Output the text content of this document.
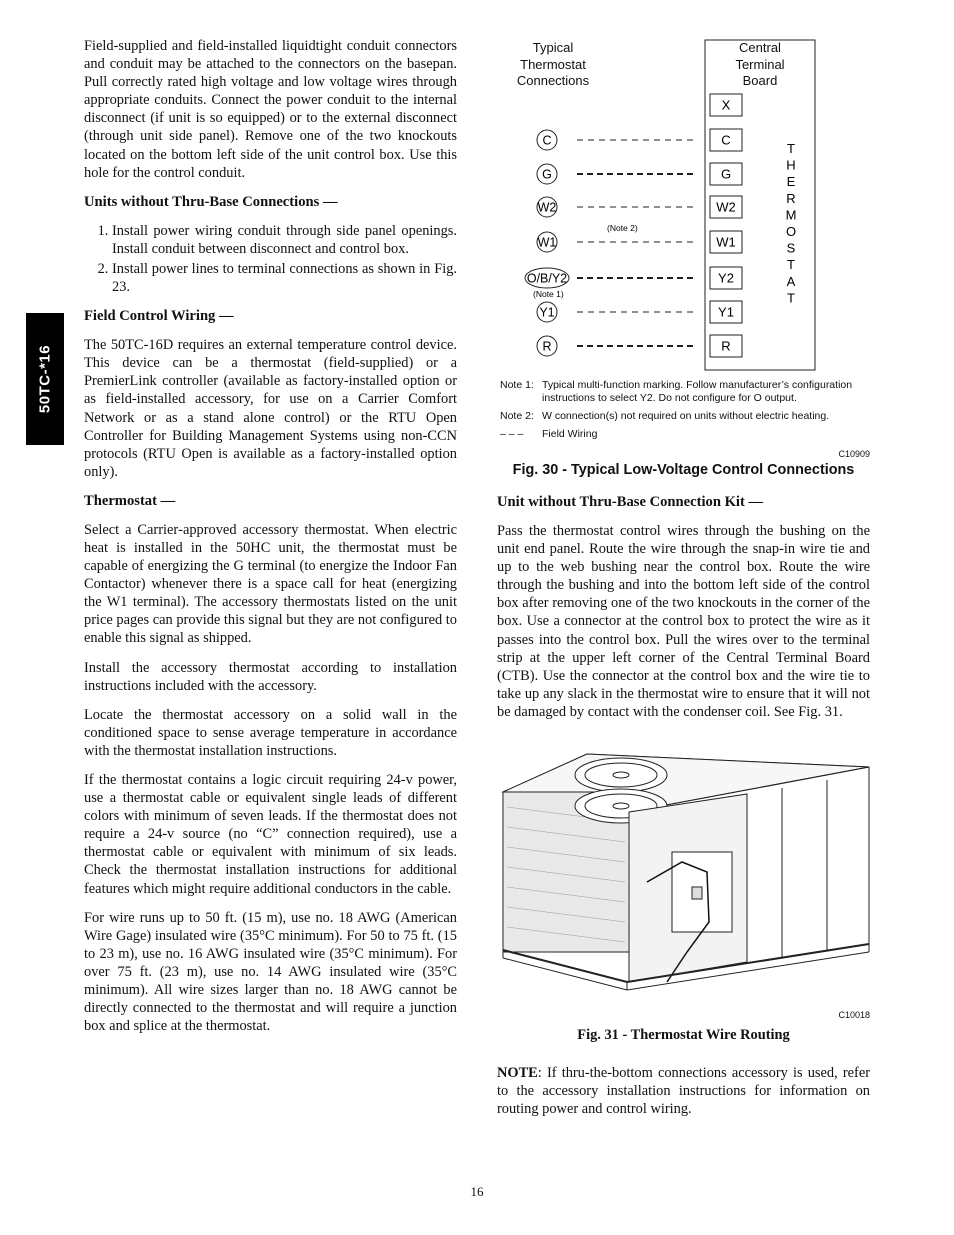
50TC-*16

Field‑supplied and field‑installed liquidtight conduit connectors and conduit may be attached to the connectors on the basepan. Pull correctly rated high voltage and low voltage wires through appropriate conduits. Connect the power conduit to the internal disconnect (if unit is so equipped) or to the external disconnect (through unit side panel). Remove one of the two knockouts located on the bottom left side of the unit control box. Use this hole for the control conduit.

Units without Thru‑Base Connections —
1. Install power wiring conduit through side panel openings. Install conduit between disconnect and control box.
2. Install power lines to terminal connections as shown in Fig. 23.
Field Control Wiring —

The 50TC‑16D requires an external temperature control device. This device can be a thermostat (field‑supplied) or a PremierLink controller (available as factory‑installed option or as field‑installed accessory, for use on a Carrier Comfort Network or as a stand alone control) or the RTU Open Controller for Building Management Systems using non‑CCN protocols (RTU Open is available as a factory‑installed option only).

Thermostat —

Select a Carrier‑approved accessory thermostat. When electric heat is installed in the 50HC unit, the thermostat must be capable of energizing the G terminal (to energize the Indoor Fan Contactor) whenever there is a space call for heat (energizing the W1 terminal). The accessory thermostats listed on the unit price pages can provide this signal but they are not configured to enable this signal as shipped.

Install the accessory thermostat according to installation instructions included with the accessory.

Locate the thermostat accessory on a solid wall in the conditioned space to sense average temperature in accordance with the thermostat installation instructions.

If the thermostat contains a logic circuit requiring 24‑v power, use a thermostat cable or equivalent single leads of different colors with minimum of seven leads. If the thermostat does not require a 24‑v source (no “C” connection required), use a thermostat cable or equivalent with minimum of six leads. Check the thermostat installation instructions for additional features which might require additional conductors in the cable.

For wire runs up to 50 ft. (15 m), use no. 18 AWG (American Wire Gage) insulated wire (35°C minimum). For 50 to 75 ft. (15 to 23 m), use no. 16 AWG insulated wire (35°C minimum). For over 75 ft. (23 m), use no. 14 AWG insulated wire (35°C minimum). All wire sizes larger than no. 18 AWG cannot be directly connected to the thermostat and will require a junction box and splice at the thermostat.

X
C
G
W2
W1
Y2
Y1
R
(Note 2)
(Note 1)
C
G
W2
W1
O/B/Y2
Y1
R
T
H
E
R
M
O
S
T
A
T
Typical
Thermostat
Connections
Central
Terminal
Board
Note 1: Typical multi‑function marking. Follow manufacturer’s configuration instructions to select Y2. Do not configure for O output.
Note 2: W connection(s) not required on units without electric heating.
– – –	Field Wiring
C10909
Fig. 30 ‑ Typical Low‑Voltage Control Connections
Unit without Thru‑Base Connection Kit —

Pass the thermostat control wires through the bushing on the unit end panel. Route the wire through the snap‑in wire tie and up to the web bushing near the control box. Route the wire through the bushing and into the bottom left side of the control box after removing one of the two knockouts in the corner of the box. Use a connector at the control box to protect the wire as it passes into the control box. Pull the wires over to the terminal strip at the upper left corner of the Central Terminal Board (CTB). Use the connector at the control box and the wire tie to take up any slack in the thermostat wire to ensure that it will not be damaged by contact with the condenser coil. See Fig. 31.

C10018
Fig. 31 ‑ Thermostat Wire Routing

NOTE: If thru‑the‑bottom connections accessory is used, refer to the accessory installation instructions for information on routing power and control wiring.

16
